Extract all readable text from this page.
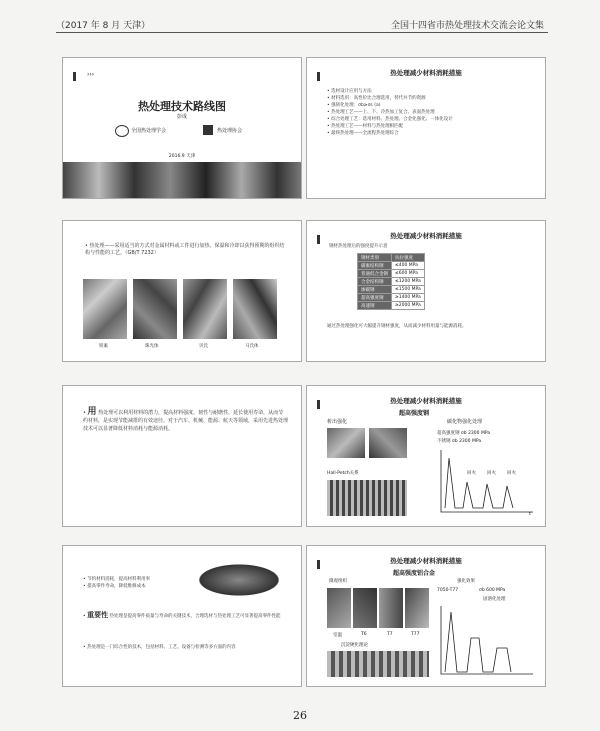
（2017 年 8 月 天津）	全国十四省市热处理技术交流会论文集
›››
热处理技术路线图
彭成
全国热处理学会	热处理协会
2016.9 天津
热处理减少材料消耗措施
• 选材设计应用与方法
• 材料选用：高性价比合理选用，替代并节约资源
• 强韧化处理：σb≥σs (a)
• 热处理工艺——上、下、冷热加工复合、表面热处理
• 综合处理工艺：选用材料、热处理、合金化强化、一体化设计
• 热处理工艺——材料与热处理相匹配
• 最终热处理——全流程热处理综合
• 热处理——采用适当的方式对金属材料或工件进行加热、保温和冷却以获得预期的组织结构与性能的工艺。（GB/T 7232）
铁素	珠光体	贝氏	马氏体
热处理减少材料消耗措施
钢材热处理后的强度提升示意
钢材类别	抗拉强度
碳素结构钢	≤400 MPa
普通低合金钢	≤600 MPa
合金结构钢	≤1200 MPa
渗碳钢	≤1500 MPa
超高强度钢	≥1400 MPa
高速钢	≥2000 MPa
通过热处理强化可大幅提升钢材强度，从而减少材料用量与能源消耗。
• 用 热处理可以利用材料的潜力，提高材料强度、韧性与耐磨性，延长使用寿命，从而节约材料，是实现节能减排的有效途径。对于汽车、机械、能源、航天等领域，采用先进热处理技术可以显著降低材料消耗与能源消耗。
热处理减少材料消耗措施
超高强度钢
析出强化	碳化物强化处理
超高强度钢 σb 2300 MPa
不锈钢 σb 2300 MPa
Hall-Petch关系	回火 回火 回火
t
• 节约材料消耗，提高材料利用率
• 提高零件寿命，降低维修成本
• 重要性 热处理是提高零件质量与寿命的关键技术，合理选材与热处理工艺可显著提高零件性能
• 热处理是一门综合性的技术，包括材料、工艺、设备与检测等多方面的内容
热处理减少材料消耗措施
超高强度铝合金
微观组织	强化效果
室温	T6	T7	T77
沉淀硬化理论
7050-T77	σb 600 MPa
固溶化处理
26
